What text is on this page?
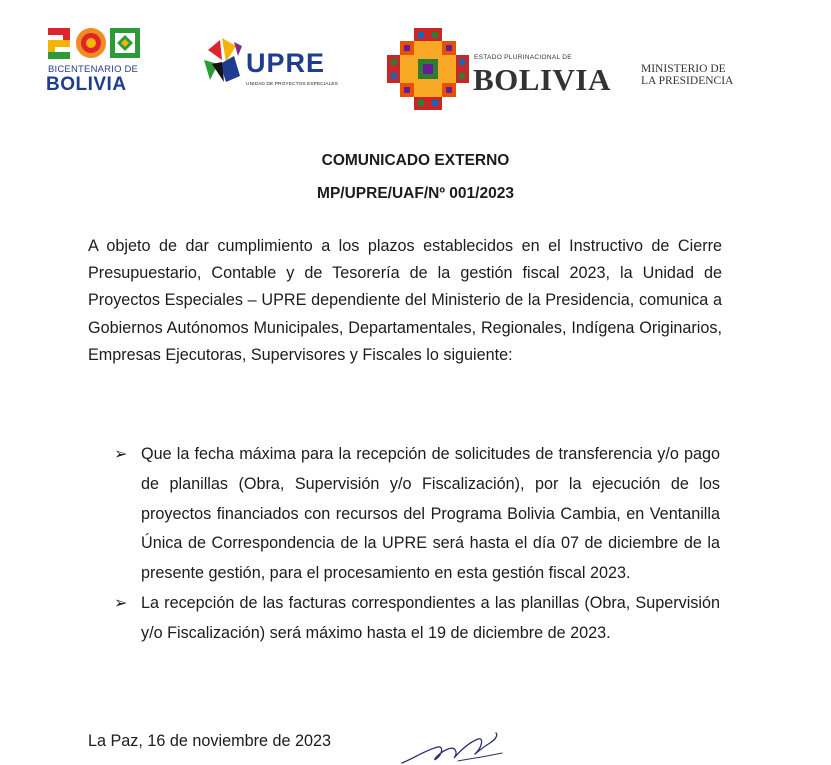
BICENTENARIO DE
BOLIVIA
UPRE
UNIDAD DE PROYECTOS ESPECIALES
ESTADO PLURINACIONAL DE
BOLIVIA	MINISTERIO DE
LA PRESIDENCIA
COMUNICADO EXTERNO
MP/UPRE/UAF/Nº 001/2023
A objeto de dar cumplimiento a los plazos establecidos en el Instructivo de Cierre Presupuestario, Contable y de Tesorería de la gestión fiscal 2023, la Unidad de Proyectos Especiales – UPRE dependiente del Ministerio de la Presidencia, comunica a Gobiernos Autónomos Municipales, Departamentales, Regionales, Indígena Originarios, Empresas Ejecutoras, Supervisores y Fiscales lo siguiente:
➢ Que la fecha máxima para la recepción de solicitudes de transferencia y/o pago de planillas (Obra, Supervisión y/o Fiscalización), por la ejecución de los proyectos financiados con recursos del Programa Bolivia Cambia, en Ventanilla Única de Correspondencia de la UPRE será hasta el día 07 de diciembre de la presente gestión, para el procesamiento en esta gestión fiscal 2023.
➢ La recepción de las facturas correspondientes a las planillas (Obra, Supervisión y/o Fiscalización) será máximo hasta el 19 de diciembre de 2023.
La Paz, 16 de noviembre de 2023
